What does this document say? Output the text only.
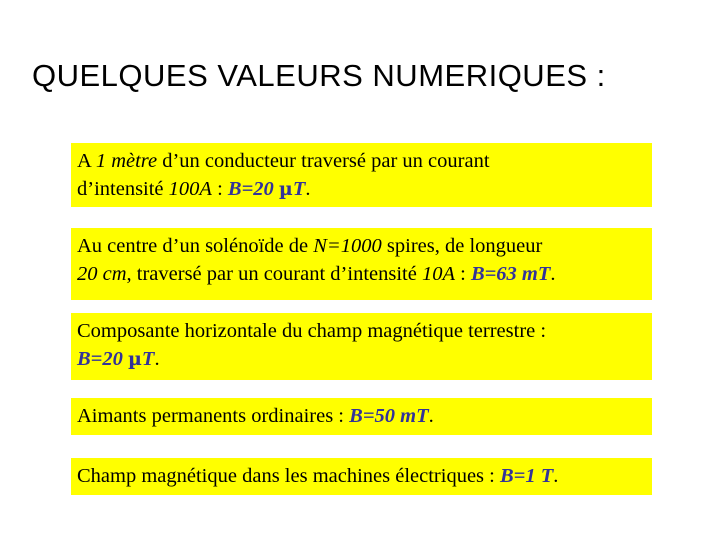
QUELQUES VALEURS NUMERIQUES :
A 1 mètre d’un conducteur traversé par un courant
d’intensité 100A : B=20 µT.
Au centre d’un solénoïde de N=1000 spires, de longueur
20 cm, traversé par un courant d’intensité 10A : B=63 mT.
Composante horizontale du champ magnétique terrestre :
B=20 µT.
Aimants permanents ordinaires : B=50 mT.
Champ magnétique dans les machines électriques : B=1 T.
